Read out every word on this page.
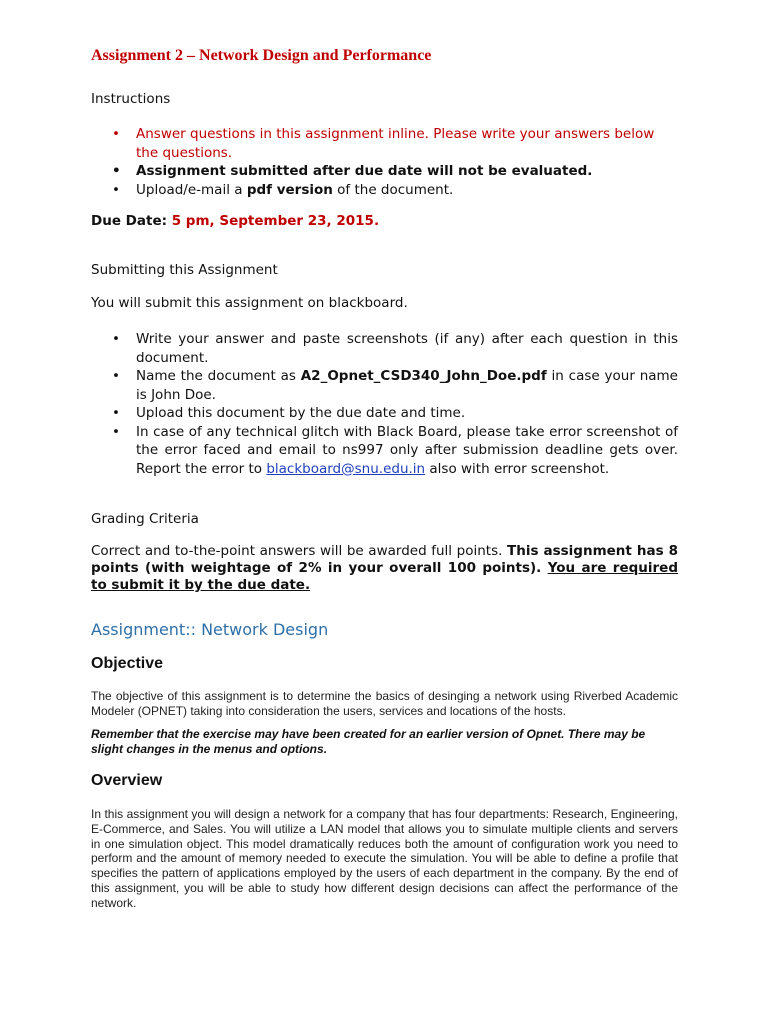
Assignment 2 – Network Design and Performance
Instructions
• Answer questions in this assignment inline. Please write your answers below the questions.
• Assignment submitted after due date will not be evaluated.
• Upload/e-mail a pdf version of the document.
Due Date: 5 pm, September 23, 2015.
Submitting this Assignment
You will submit this assignment on blackboard.
• Write your answer and paste screenshots (if any) after each question in this document.
• Name the document as A2_Opnet_CSD340_John_Doe.pdf in case your name is John Doe.
• Upload this document by the due date and time.
• In case of any technical glitch with Black Board, please take error screenshot of the error faced and email to ns997 only after submission deadline gets over. Report the error to blackboard@snu.edu.in also with error screenshot.
Grading Criteria
Correct and to-the-point answers will be awarded full points. This assignment has 8 points (with weightage of 2% in your overall 100 points). You are required to submit it by the due date.
Assignment:: Network Design
Objective
The objective of this assignment is to determine the basics of desinging a network using Riverbed Academic Modeler (OPNET) taking into consideration the users, services and locations of the hosts.
Remember that the exercise may have been created for an earlier version of Opnet. There may be slight changes in the menus and options.
Overview
In this assignment you will design a network for a company that has four departments: Research, Engineering, E-Commerce, and Sales. You will utilize a LAN model that allows you to simulate multiple clients and servers in one simulation object. This model dramatically reduces both the amount of configuration work you need to perform and the amount of memory needed to execute the simulation. You will be able to define a profile that specifies the pattern of applications employed by the users of each department in the company. By the end of this assignment, you will be able to study how different design decisions can affect the performance of the network.
